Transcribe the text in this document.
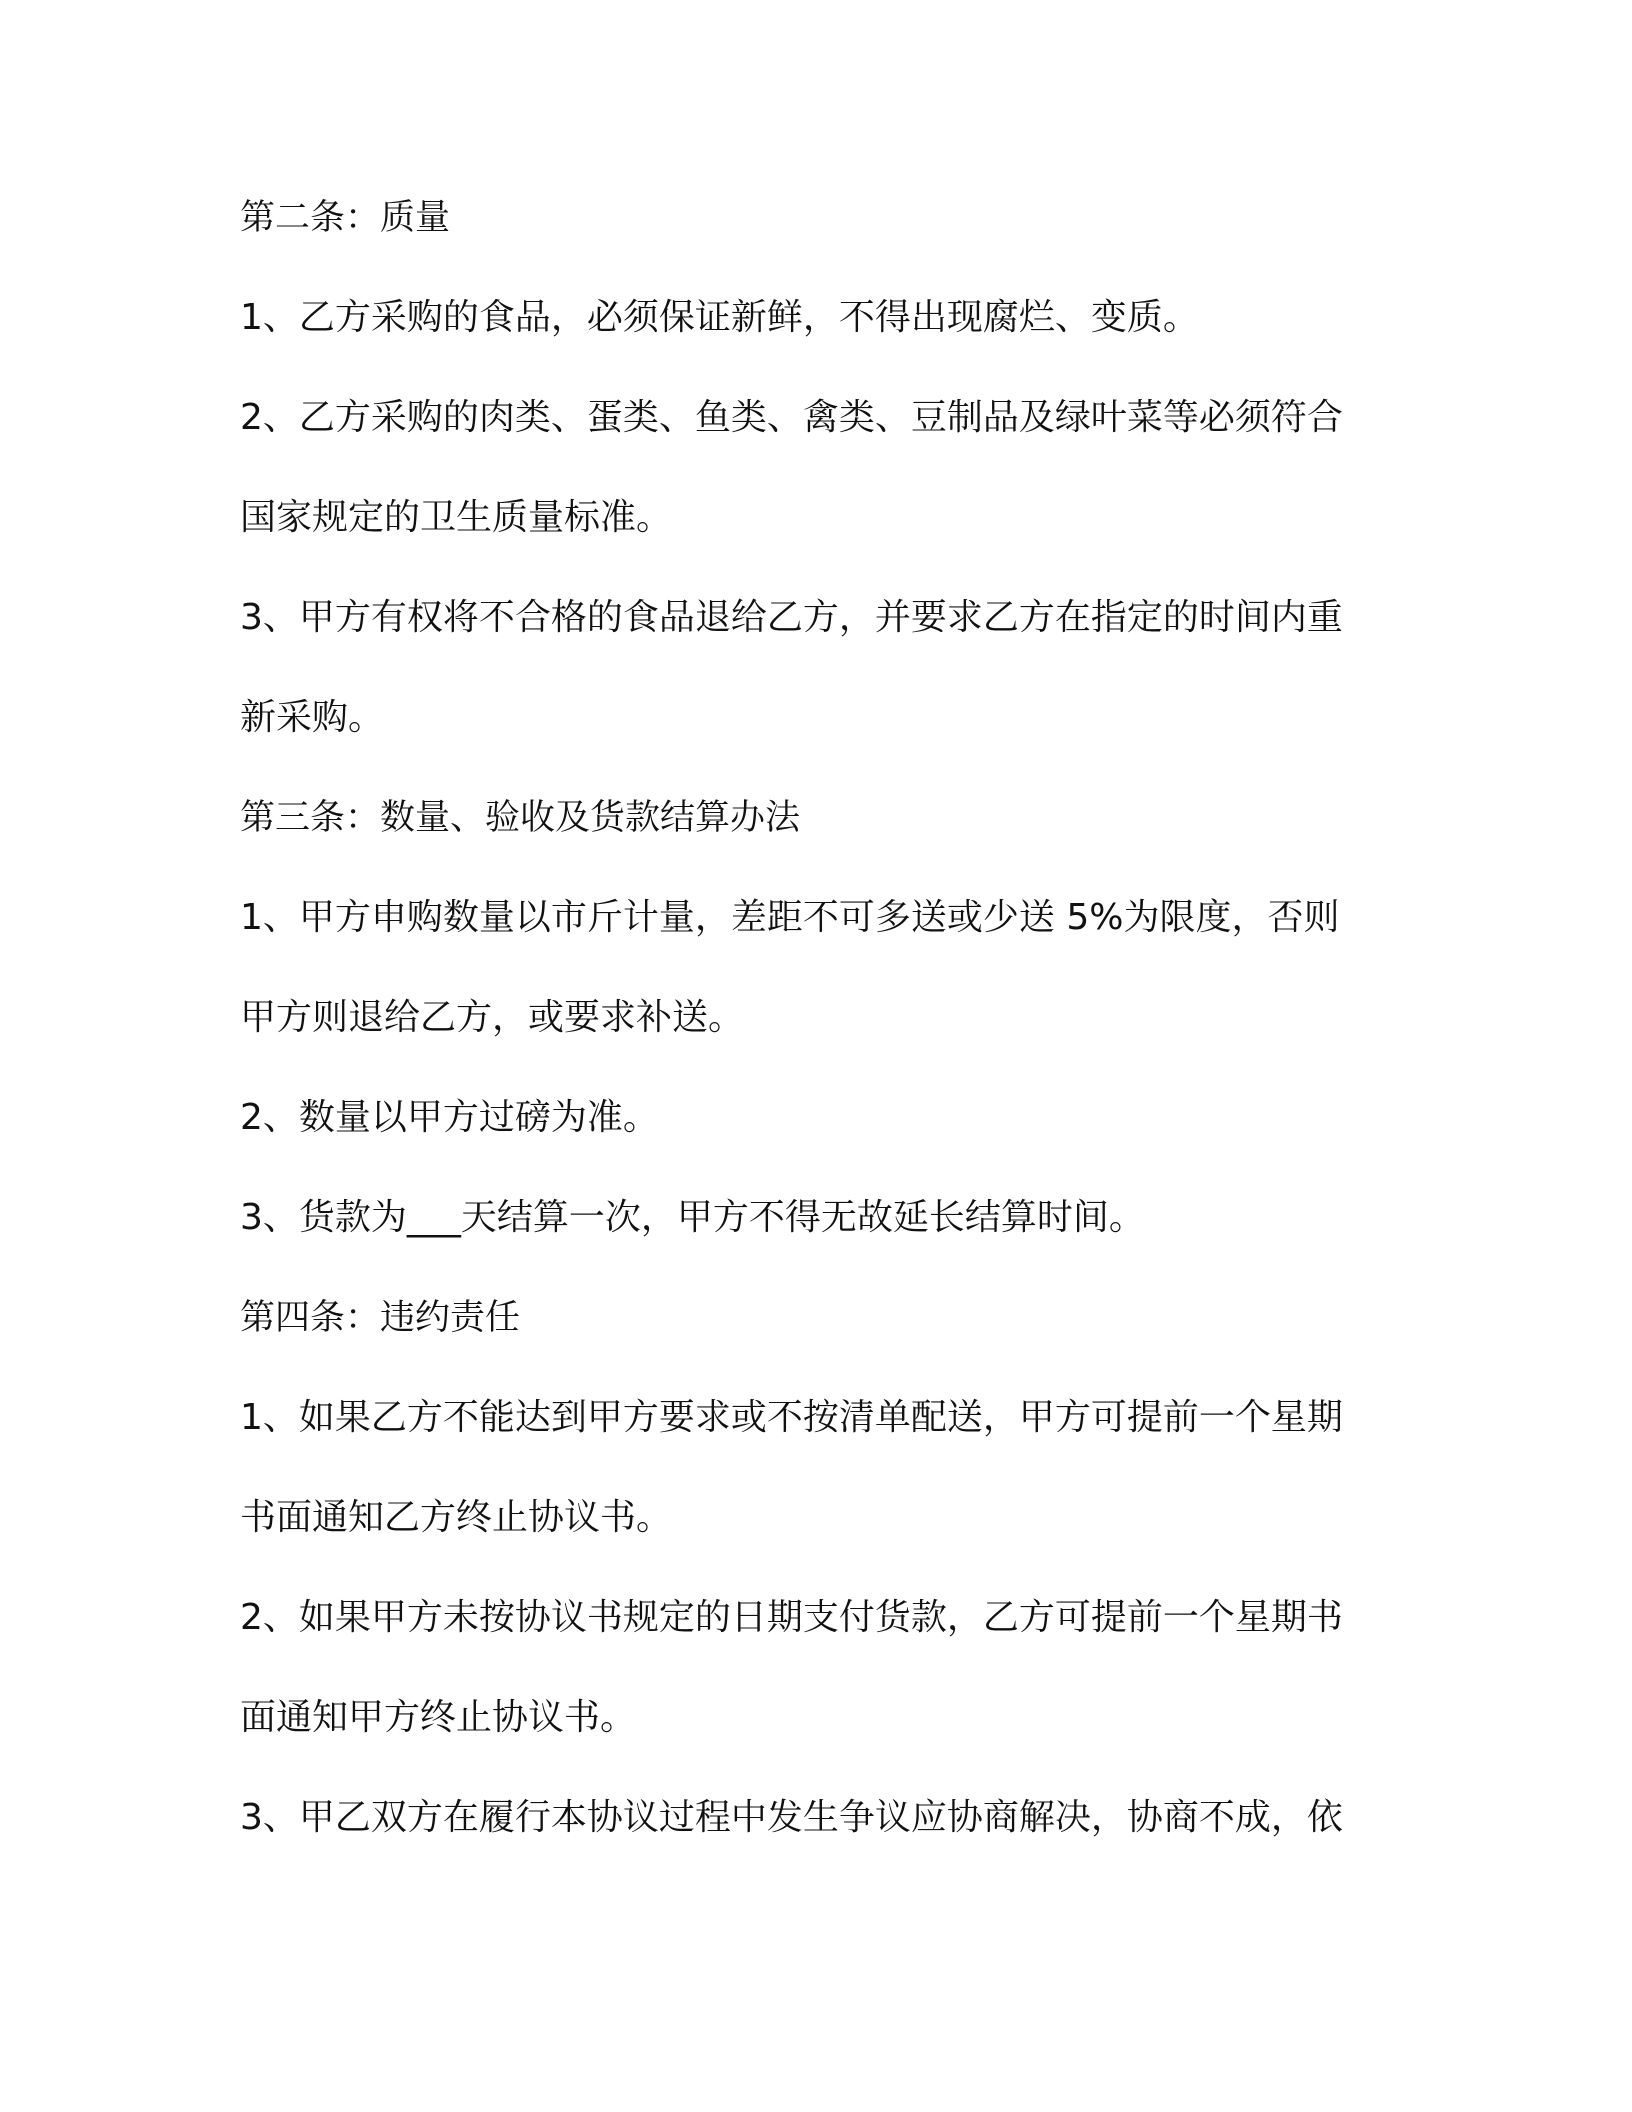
第二条：质量
1、乙方采购的食品，必须保证新鲜，不得出现腐烂、变质。
2、乙方采购的肉类、蛋类、鱼类、禽类、豆制品及绿叶菜等必须符合
国家规定的卫生质量标准。
3、甲方有权将不合格的食品退给乙方，并要求乙方在指定的时间内重
新采购。
第三条：数量、验收及货款结算办法
1、甲方申购数量以市斤计量，差距不可多送或少送 5%为限度，否则
甲方则退给乙方，或要求补送。
2、数量以甲方过磅为准。
3、货款为___天结算一次，甲方不得无故延长结算时间。
第四条：违约责任
1、如果乙方不能达到甲方要求或不按清单配送，甲方可提前一个星期
书面通知乙方终止协议书。
2、如果甲方未按协议书规定的日期支付货款，乙方可提前一个星期书
面通知甲方终止协议书。
3、甲乙双方在履行本协议过程中发生争议应协商解决，协商不成，依
